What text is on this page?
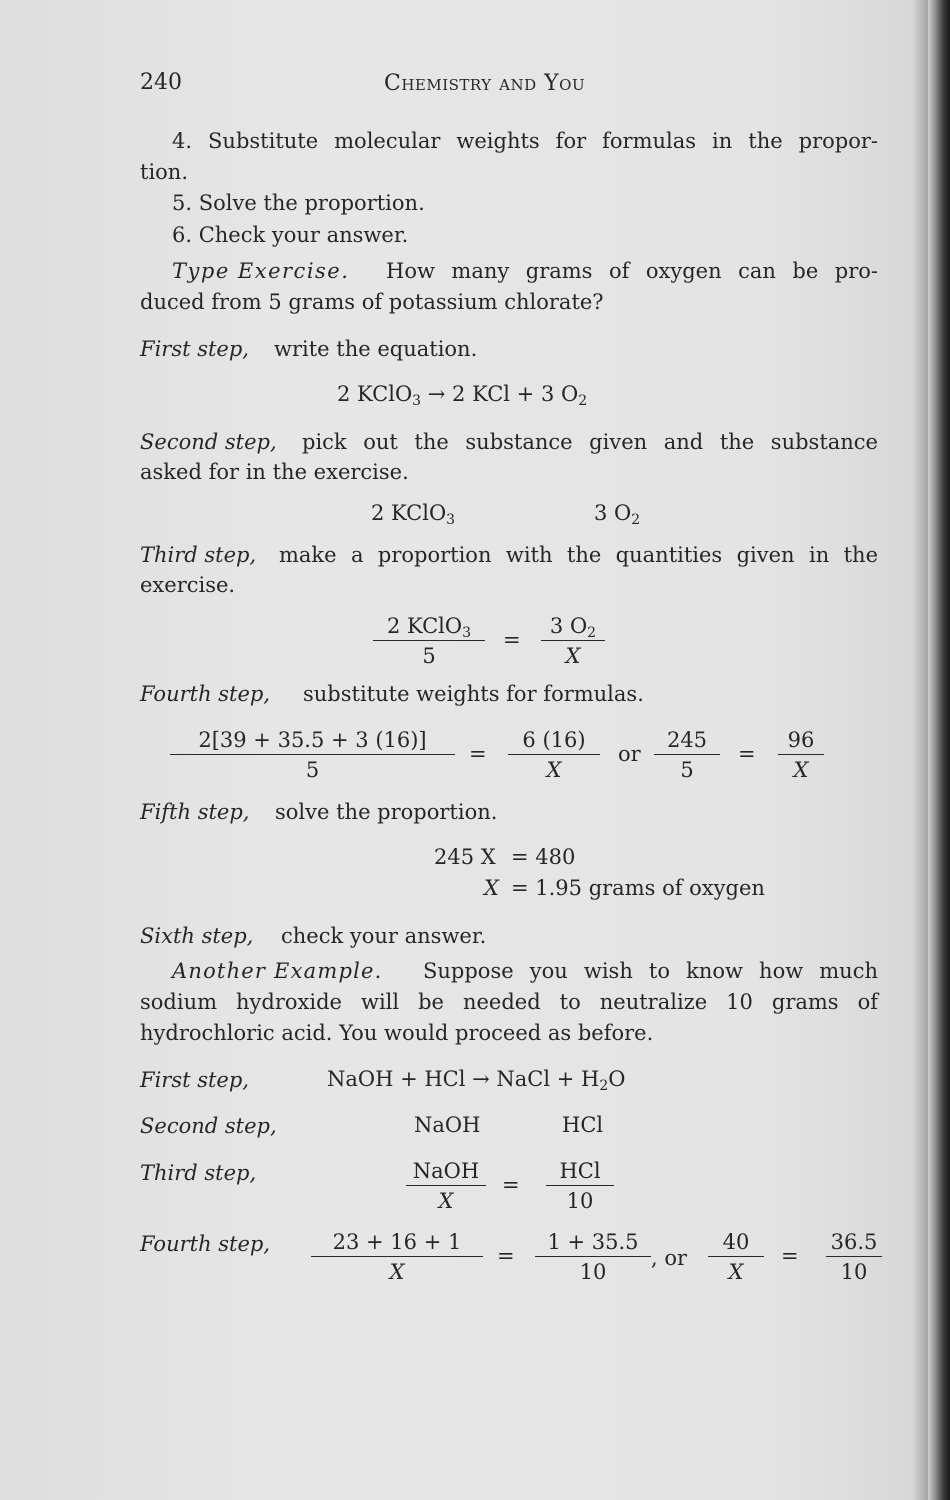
240	Chemistry and You
4. Substitute molecular weights for formulas in the propor-
tion.
5. Solve the proportion.
6. Check your answer.
Type Exercise. How many grams of oxygen can be pro-
duced from 5 grams of potassium chlorate?
First step, write the equation.
2 KClO$_3$ → 2 KCl + 3 $O_2$
Second step, pick out the substance given and the substance
asked for in the exercise.
2 KClO$_3$	3 $O_2$
Third step, make a proportion with the quantities given in the
exercise.
2 KClO$_3$
5
=
3 $O_2$
X
Fourth step, substitute weights for formulas.
2[39 + 35.5 + 3 (16)]
5
=
6 (16)
X
or
245
5
=
96
X
Fifth step, solve the proportion.
245 X = 480
X = 1.95 grams of oxygen
Sixth step, check your answer.
Another Example. Suppose you wish to know how much
sodium hydroxide will be needed to neutralize 10 grams of
hydrochloric acid. You would proceed as before.
First step,	NaOH + HCl → NaCl + $H_2O$
Second step,	NaOH	HCl
Third step,	NaOH
X
=
HCl
10
Fourth step,	23 + 16 + 1
X
=
1 + 35.5
10
, or
40
X
=
36.5
10
